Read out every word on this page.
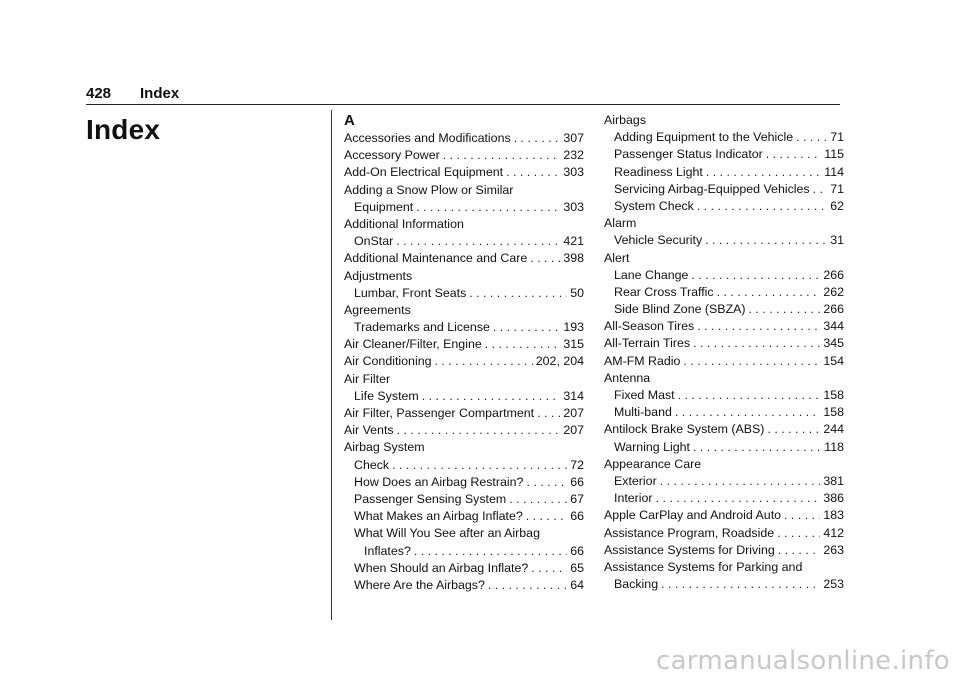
428 Index
Index	A
Accessories and Modifications . . .	307
Accessory Power . . .	232
Add-On Electrical Equipment . . .	303
Adding a Snow Plow or Similar
Equipment . . .	303
Additional Information
OnStar . . .	421
Additional Maintenance and Care . . .	398
Adjustments
Lumbar, Front Seats . . .	50
Agreements
Trademarks and License . . .	193
Air Cleaner/Filter, Engine . . .	315
Air Conditioning . . .	202, 204
Air Filter
Life System . . .	314
Air Filter, Passenger Compartment . . . 207
Air Vents . . .	207
Airbag System
Check . . .	72
How Does an Airbag Restrain? . . .	66
Passenger Sensing System . . .	67
What Makes an Airbag Inflate? . . .	66
What Will You See after an Airbag
Inflates? . . .	66
When Should an Airbag Inflate? . . .	65
Where Are the Airbags? . . .	64
Airbags
Adding Equipment to the Vehicle . . .	71
Passenger Status Indicator . . .	115
Readiness Light . . .	114
Servicing Airbag-Equipped Vehicles . . . 71
System Check . . .	62
Alarm
Vehicle Security . . .	31
Alert
Lane Change . . .	266
Rear Cross Traffic . . .	262
Side Blind Zone (SBZA) . . .	266
All-Season Tires . . .	344
All-Terrain Tires . . .	345
AM-FM Radio . . .	154
Antenna
Fixed Mast . . .	158
Multi-band . . .	158
Antilock Brake System (ABS) . . .	244
Warning Light . . .	118
Appearance Care
Exterior . . .	381
Interior . . .	386
Apple CarPlay and Android Auto . . .	183
Assistance Program, Roadside . . .	412
Assistance Systems for Driving . . .	263
Assistance Systems for Parking and
Backing . . .	253
carmanualsonline.info
